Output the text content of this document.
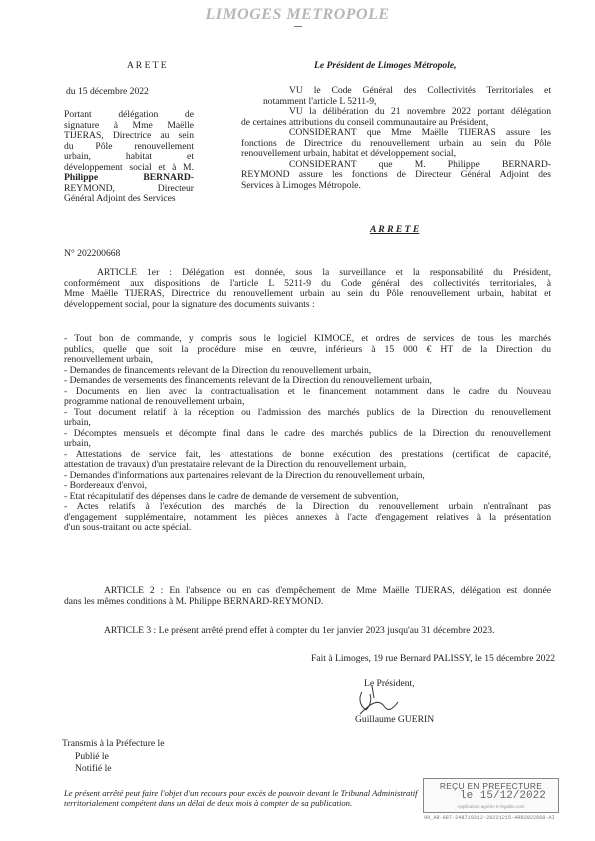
LIMOGES METROPOLE
A R E T E
du 15 décembre 2022
Portant délégation de
signature à Mme Maëlle
TIJERAS, Directrice au sein
du Pôle renouvellement
urbain, habitat et
développement social et à M.
Philippe BERNARD-
REYMOND, Directeur
Général Adjoint des Services
N° 202200668
Le Président de Limoges Métropole,
VU le Code Général des Collectivités Territoriales et
notamment l'article L 5211-9,
VU la délibération du 21 novembre 2022 portant délégation
de certaines attributions du conseil communautaire au Président,
CONSIDERANT que Mme Maëlle TIJERAS assure les
fonctions de Directrice du renouvellement urbain au sein du Pôle
renouvellement urbain, habitat et développement social,
CONSIDERANT que M. Philippe BERNARD-
REYMOND assure les fonctions de Directeur Général Adjoint des
Services à Limoges Métropole.
A R R E T E
ARTICLE 1er : Délégation est donnée, sous la surveillance et la responsabilité du Président,
conformément aux dispositions de l'article L 5211-9 du Code général des collectivités territoriales, à
Mme Maëlle TIJERAS, Directrice du renouvellement urbain au sein du Pôle renouvellement urbain, habitat et
développement social, pour la signature des documents suivants :
- Tout bon de commande, y compris sous le logiciel KIMOCE, et ordres de services de tous les marchés
publics, quelle que soit la procédure mise en œuvre, inférieurs à 15 000 € HT de la Direction du
renouvellement urbain,
- Demandes de financements relevant de la Direction du renouvellement urbain,
- Demandes de versements des financements relevant de la Direction du renouvellement urbain,
- Documents en lien avec la contractualisation et le financement notamment dans le cadre du Nouveau
programme national de renouvellement urbain,
- Tout document relatif à la réception ou l'admission des marchés publics de la Direction du renouvellement
urbain,
- Décomptes mensuels et décompte final dans le cadre des marchés publics de la Direction du renouvellement
urbain,
- Attestations de service fait, les attestations de bonne exécution des prestations (certificat de capacité,
attestation de travaux) d'un prestataire relevant de la Direction du renouvellement urbain,
- Demandes d'informations aux partenaires relevant de la Direction du renouvellement urbain,
- Bordereaux d'envoi,
- Etat récapitulatif des dépenses dans le cadre de demande de versement de subvention,
- Actes relatifs à l'exécution des marchés de la Direction du renouvellement urbain n'entraînant pas
d'engagement supplémentaire, notamment les pièces annexes à l'acte d'engagement relatives à la présentation
d'un sous-traitant ou acte spécial.
ARTICLE 2 : En l'absence ou en cas d'empêchement de Mme Maëlle TIJERAS, délégation est donnée
dans les mêmes conditions à M. Philippe BERNARD-REYMOND.
ARTICLE 3 : Le présent arrêté prend effet à compter du 1er janvier 2023 jusqu'au 31 décembre 2023.
Fait à Limoges, 19 rue Bernard PALISSY, le 15 décembre 2022
Le Président,
Guillaume GUERIN
Transmis à la Préfecture le
Publié le
Notifié le
Le présent arrêté peut faire l'objet d'un recours pour excès de pouvoir devant le Tribunal Administratif
territorialement compétent dans un délai de deux mois à compter de sa publication.
REÇU EN PREFECTURE
le 15/12/2022
Application agréée E-legalite.com
99_AR-087-248719312-20221215-ARR2022668-AI
